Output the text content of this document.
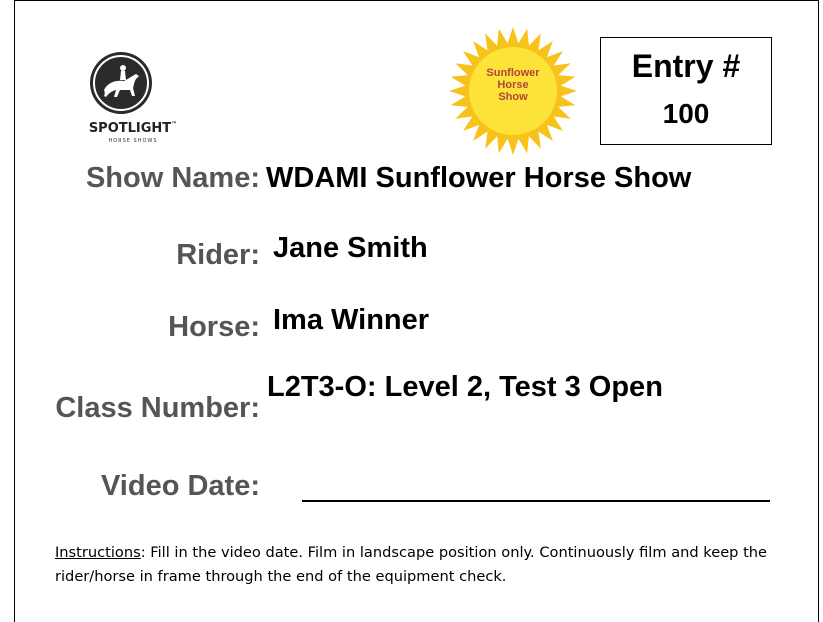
SPOTLIGHT™
HORSE SHOWS
Sunflower
Horse
Show
Entry #
100
Show Name: WDAMI Sunflower Horse Show
Rider: Jane Smith
Horse: Ima Winner
Class Number:
L2T3-O: Level 2, Test 3 Open
Video Date:
Instructions: Fill in the video date. Film in landscape position only. Continuously film and keep the rider/horse in frame through the end of the equipment check.
